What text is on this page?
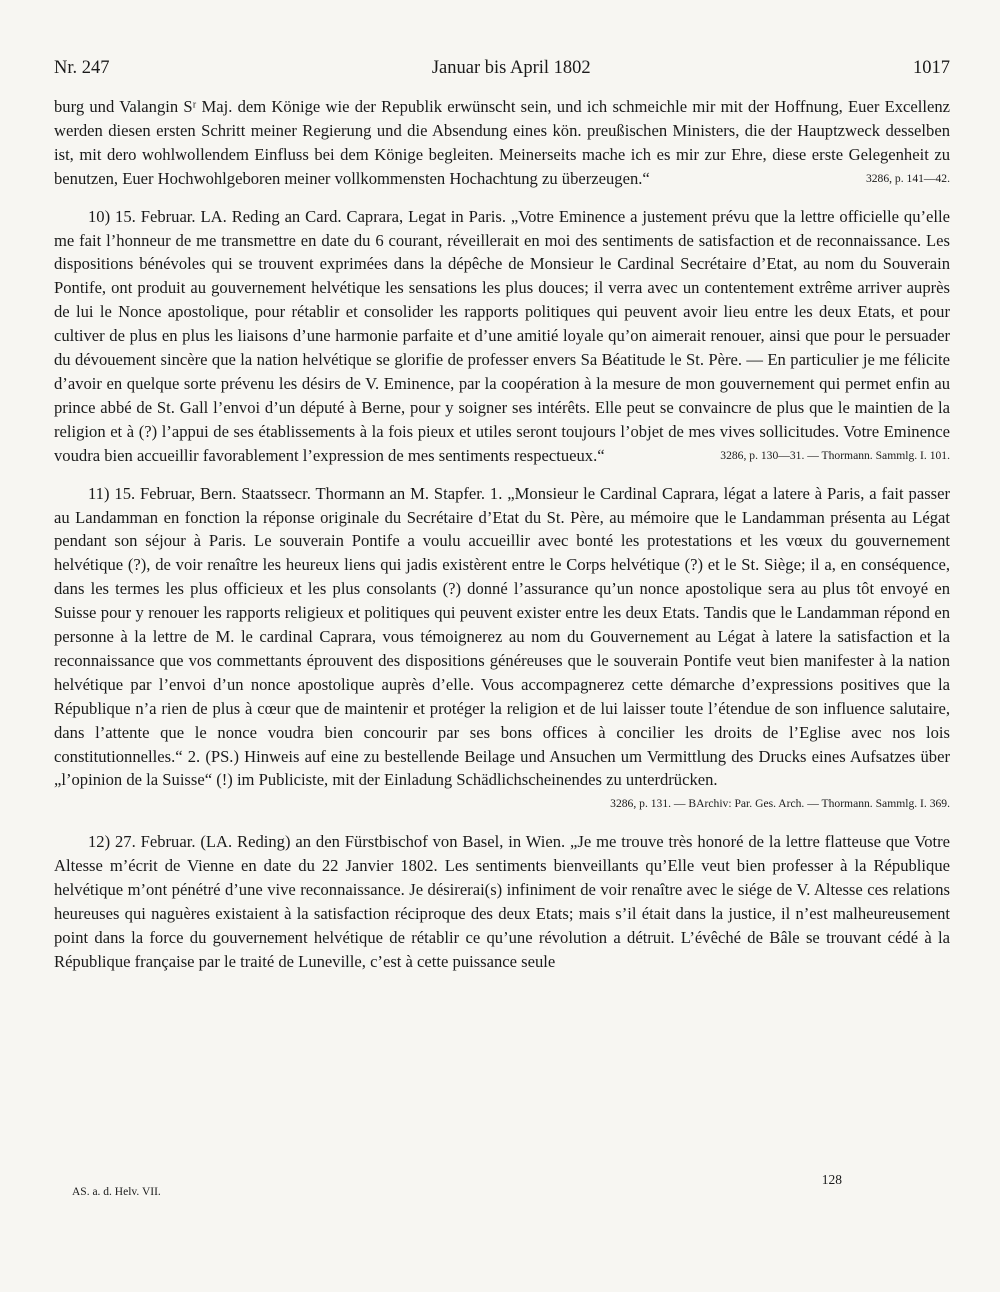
Nr. 247	Januar bis April 1802	1017

burg und Valangin Sʳ Maj. dem Könige wie der Republik erwünscht sein, und ich schmeichle mir mit der Hoffnung, Euer Excellenz werden diesen ersten Schritt meiner Regierung und die Absendung eines kön. preußischen Ministers, die der Hauptzweck desselben ist, mit dero wohlwollendem Einfluss bei dem Könige begleiten. Meinerseits mache ich es mir zur Ehre, diese erste Gelegenheit zu benutzen, Euer Hochwohlgeboren meiner vollkommensten Hochachtung zu überzeugen.“	3286, p. 141—42.

10) 15. Februar. LA. Reding an Card. Caprara, Legat in Paris. „Votre Eminence a justement prévu que la lettre officielle qu’elle me fait l’honneur de me transmettre en date du 6 courant, réveillerait en moi des sentiments de satisfaction et de reconnaissance. Les dispositions bénévoles qui se trouvent exprimées dans la dépêche de Monsieur le Cardinal Secrétaire d’Etat, au nom du Souverain Pontife, ont produit au gouvernement helvétique les sensations les plus douces; il verra avec un contentement extrême arriver auprès de lui le Nonce apostolique, pour rétablir et consolider les rapports politiques qui peuvent avoir lieu entre les deux Etats, et pour cultiver de plus en plus les liaisons d’une harmonie parfaite et d’une amitié loyale qu’on aimerait renouer, ainsi que pour le persuader du dévouement sincère que la nation helvétique se glorifie de professer envers Sa Béatitude le St. Père. — En particulier je me félicite d’avoir en quelque sorte prévenu les désirs de V. Eminence, par la coopération à la mesure de mon gouvernement qui permet enfin au prince abbé de St. Gall l’envoi d’un député à Berne, pour y soigner ses intérêts. Elle peut se convaincre de plus que le maintien de la religion et à (?) l’appui de ses établissements à la fois pieux et utiles seront toujours l’objet de mes vives sollicitudes. Votre Eminence voudra bien accueillir favorablement l’expression de mes sentiments respectueux.“	3286, p. 130—31. — Thormann. Sammlg. I. 101.

11) 15. Februar, Bern. Staatssecr. Thormann an M. Stapfer. 1. „Monsieur le Cardinal Caprara, légat a latere à Paris, a fait passer au Landamman en fonction la réponse originale du Secrétaire d’Etat du St. Père, au mémoire que le Landamman présenta au Légat pendant son séjour à Paris. Le souverain Pontife a voulu accueillir avec bonté les protestations et les vœux du gouvernement helvétique (?), de voir renaître les heureux liens qui jadis existèrent entre le Corps helvétique (?) et le St. Siège; il a, en conséquence, dans les termes les plus officieux et les plus consolants (?) donné l’assurance qu’un nonce apostolique sera au plus tôt envoyé en Suisse pour y renouer les rapports religieux et politiques qui peuvent exister entre les deux Etats. Tandis que le Landamman répond en personne à la lettre de M. le cardinal Caprara, vous témoignerez au nom du Gouvernement au Légat à latere la satisfaction et la reconnaissance que vos commettants éprouvent des dispositions généreuses que le souverain Pontife veut bien manifester à la nation helvétique par l’envoi d’un nonce apostolique auprès d’elle. Vous accompagnerez cette démarche d’expressions positives que la République n’a rien de plus à cœur que de maintenir et protéger la religion et de lui laisser toute l’étendue de son influence salutaire, dans l’attente que le nonce voudra bien concourir par ses bons offices à concilier les droits de l’Eglise avec nos lois constitutionnelles.“ 2. (PS.) Hinweis auf eine zu bestellende Beilage und Ansuchen um Vermittlung des Drucks eines Aufsatzes über „l’opinion de la Suisse“ (!) im Publiciste, mit der Einladung Schädlichscheinendes zu unterdrücken.
3286, p. 131. — BArchiv: Par. Ges. Arch. — Thormann. Sammlg. I. 369.

12) 27. Februar. (LA. Reding) an den Fürstbischof von Basel, in Wien. „Je me trouve très honoré de la lettre flatteuse que Votre Altesse m’écrit de Vienne en date du 22 Janvier 1802. Les sentiments bienveillants qu’Elle veut bien professer à la République helvétique m’ont pénétré d’une vive reconnaissance. Je désirerai(s) infiniment de voir renaître avec le siége de V. Altesse ces relations heureuses qui naguères existaient à la satisfaction réciproque des deux Etats; mais s’il était dans la justice, il n’est malheureusement point dans la force du gouvernement helvétique de rétablir ce qu’une révolution a détruit. L’évêché de Bâle se trouvant cédé à la République française par le traité de Luneville, c’est à cette puissance seule

128
AS. a. d. Helv. VII.
